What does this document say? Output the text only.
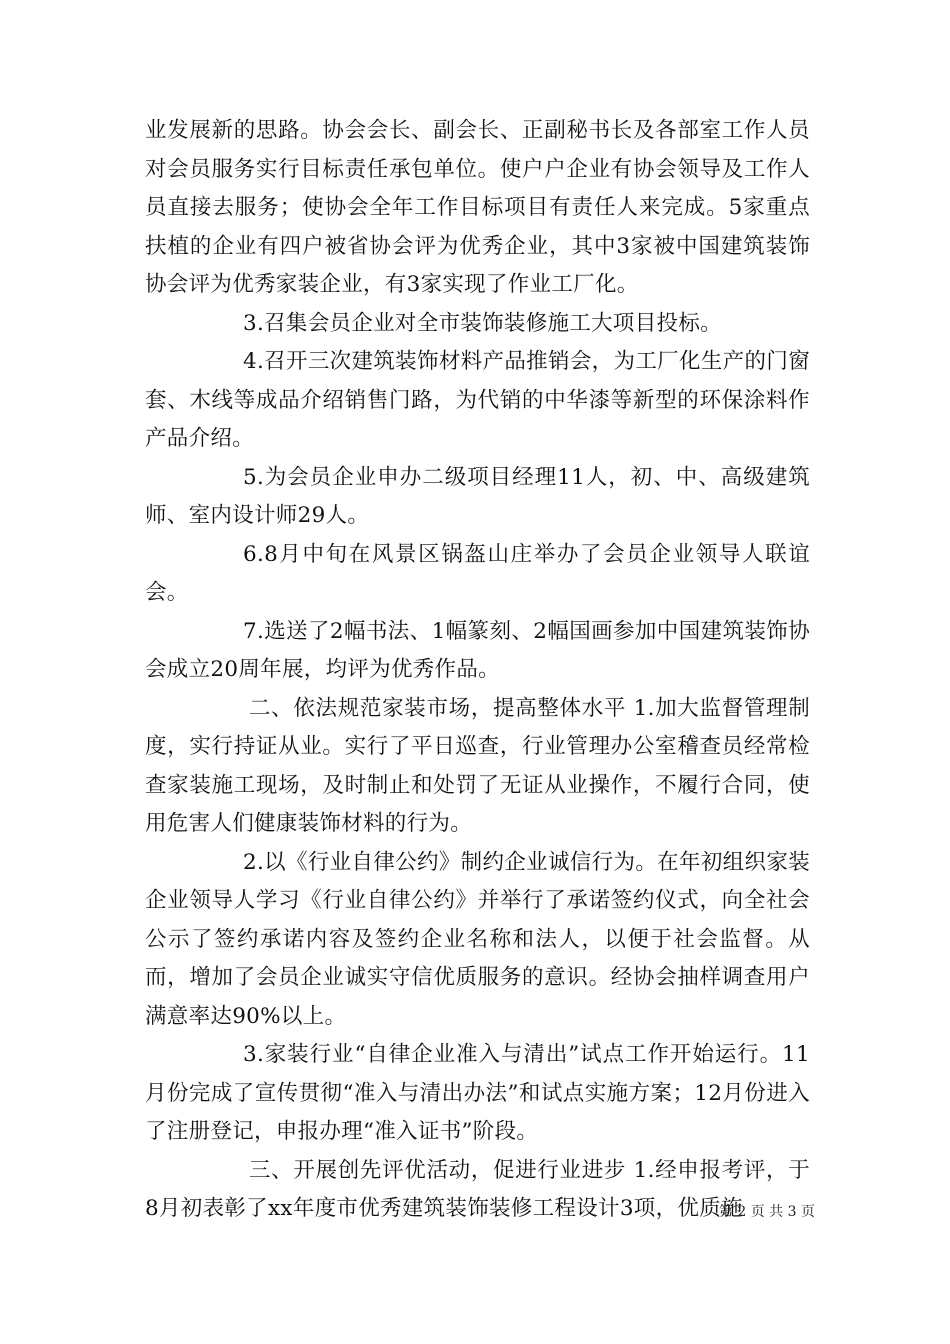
业发展新的思路。协会会长、副会长、正副秘书长及各部室工作人员对会员服务实行目标责任承包单位。使户户企业有协会领导及工作人员直接去服务；使协会全年工作目标项目有责任人来完成。5家重点扶植的企业有四户被省协会评为优秀企业，其中3家被中国建筑装饰协会评为优秀家装企业，有3家实现了作业工厂化。

3.召集会员企业对全市装饰装修施工大项目投标。

4.召开三次建筑装饰材料产品推销会，为工厂化生产的门窗套、木线等成品介绍销售门路，为代销的中华漆等新型的环保涂料作产品介绍。

5.为会员企业申办二级项目经理11人，初、中、高级建筑师、室内设计师29人。

6.8月中旬在风景区锅盔山庄举办了会员企业领导人联谊会。

7.选送了2幅书法、1幅篆刻、2幅国画参加中国建筑装饰协会成立20周年展，均评为优秀作品。

二、依法规范家装市场，提高整体水平 1.加大监督管理制度，实行持证从业。实行了平日巡查，行业管理办公室稽查员经常检查家装施工现场，及时制止和处罚了无证从业操作，不履行合同，使用危害人们健康装饰材料的行为。

2.以《行业自律公约》制约企业诚信行为。在年初组织家装企业领导人学习《行业自律公约》并举行了承诺签约仪式，向全社会公示了签约承诺内容及签约企业名称和法人，以便于社会监督。从而，增加了会员企业诚实守信优质服务的意识。经协会抽样调查用户满意率达90%以上。

3.家装行业“自律企业准入与清出”试点工作开始运行。11月份完成了宣传贯彻“准入与清出办法”和试点实施方案；12月份进入了注册登记，申报办理“准入证书”阶段。

三、开展创先评优活动，促进行业进步 1.经申报考评，于8月初表彰了xx年度市优秀建筑装饰装修工程设计3项，优质施

第 2 页 共 3 页
